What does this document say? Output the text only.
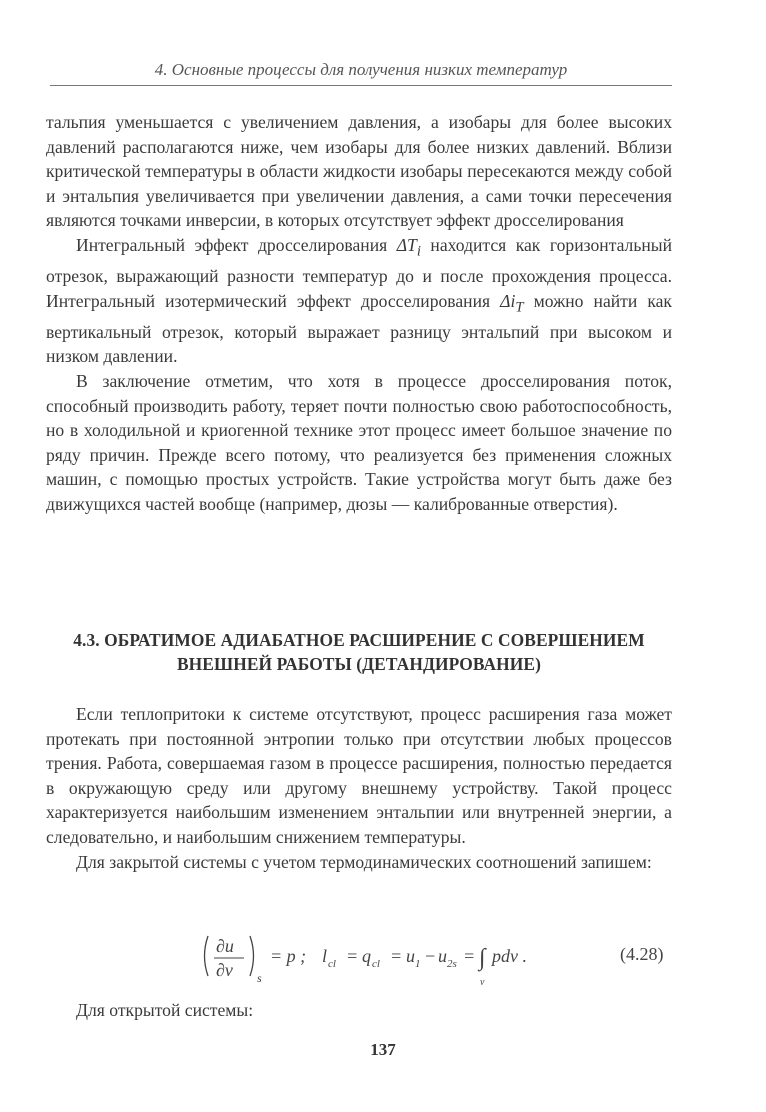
4. Основные процессы для получения низких температур

тальпия уменьшается с увеличением давления, а изобары для более высоких давлений располагаются ниже, чем изобары для более низких давлений. Вблизи критической температуры в области жидкости изобары пересекаются между собой и энтальпия увеличивается при увеличении давления, а сами точки пересечения являются точками инверсии, в которых отсутствует эффект дросселирования

Интегральный эффект дросселирования $\Delta T_i$ находится как горизонтальный отрезок, выражающий разности температур до и после прохождения процесса. Интегральный изотермический эффект дросселирования $\Delta i_T$ можно найти как вертикальный отрезок, который выражает разницу энтальпий при высоком и низком давлении.

В заключение отметим, что хотя в процессе дросселирования поток, способный производить работу, теряет почти полностью свою работоспособность, но в холодильной и криогенной технике этот процесс имеет большое значение по ряду причин. Прежде всего потому, что реализуется без применения сложных машин, с помощью простых устройств. Такие устройства могут быть даже без движущихся частей вообще (например, дюзы — калиброванные отверстия).

4.3. ОБРАТИМОЕ АДИАБАТНОЕ РАСШИРЕНИЕ С СОВЕРШЕНИЕМ
ВНЕШНЕЙ РАБОТЫ (ДЕТАНДИРОВАНИЕ)

Если теплопритоки к системе отсутствуют, процесс расширения газа может протекать при постоянной энтропии только при отсутствии любых процессов трения. Работа, совершаемая газом в процессе расширения, полностью передается в окружающую среду или другому внешнему устройству. Такой процесс характеризуется наибольшим изменением энтальпии или внутренней энергии, а следовательно, и наибольшим снижением температуры.

Для закрытой системы с учетом термодинамических соотношений запишем:

∂u
∂v s
= p ; l cl = q cl = u 1 − u 2s = ∫
v
pdv .	(4.28)

Для открытой системы:

137
